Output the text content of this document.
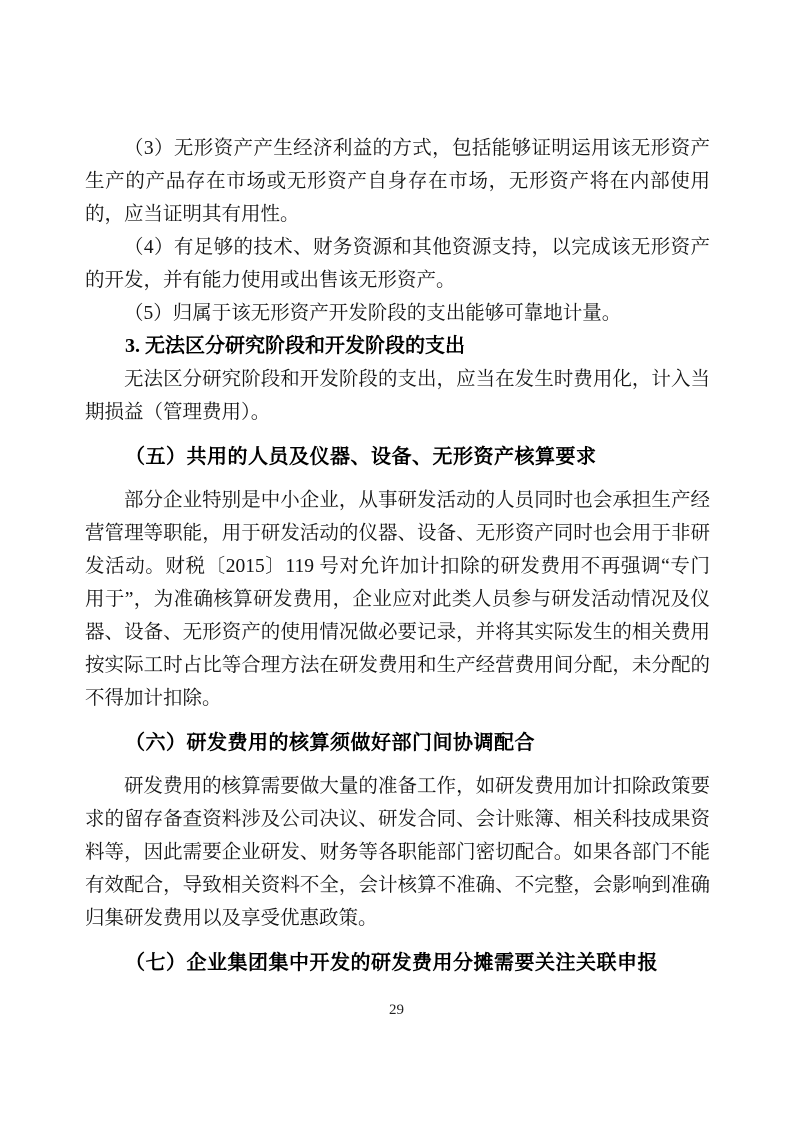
（3）无形资产产生经济利益的方式，包括能够证明运用该无形资产生产的产品存在市场或无形资产自身存在市场，无形资产将在内部使用的，应当证明其有用性。

（4）有足够的技术、财务资源和其他资源支持，以完成该无形资产的开发，并有能力使用或出售该无形资产。

（5）归属于该无形资产开发阶段的支出能够可靠地计量。

3. 无法区分研究阶段和开发阶段的支出

无法区分研究阶段和开发阶段的支出，应当在发生时费用化，计入当期损益（管理费用）。

（五）共用的人员及仪器、设备、无形资产核算要求

部分企业特别是中小企业，从事研发活动的人员同时也会承担生产经营管理等职能，用于研发活动的仪器、设备、无形资产同时也会用于非研发活动。财税〔2015〕119 号对允许加计扣除的研发费用不再强调“专门用于”，为准确核算研发费用，企业应对此类人员参与研发活动情况及仪器、设备、无形资产的使用情况做必要记录，并将其实际发生的相关费用按实际工时占比等合理方法在研发费用和生产经营费用间分配，未分配的不得加计扣除。

（六）研发费用的核算须做好部门间协调配合

研发费用的核算需要做大量的准备工作，如研发费用加计扣除政策要求的留存备查资料涉及公司决议、研发合同、会计账簿、相关科技成果资料等，因此需要企业研发、财务等各职能部门密切配合。如果各部门不能有效配合，导致相关资料不全，会计核算不准确、不完整，会影响到准确归集研发费用以及享受优惠政策。

（七）企业集团集中开发的研发费用分摊需要关注关联申报

29
